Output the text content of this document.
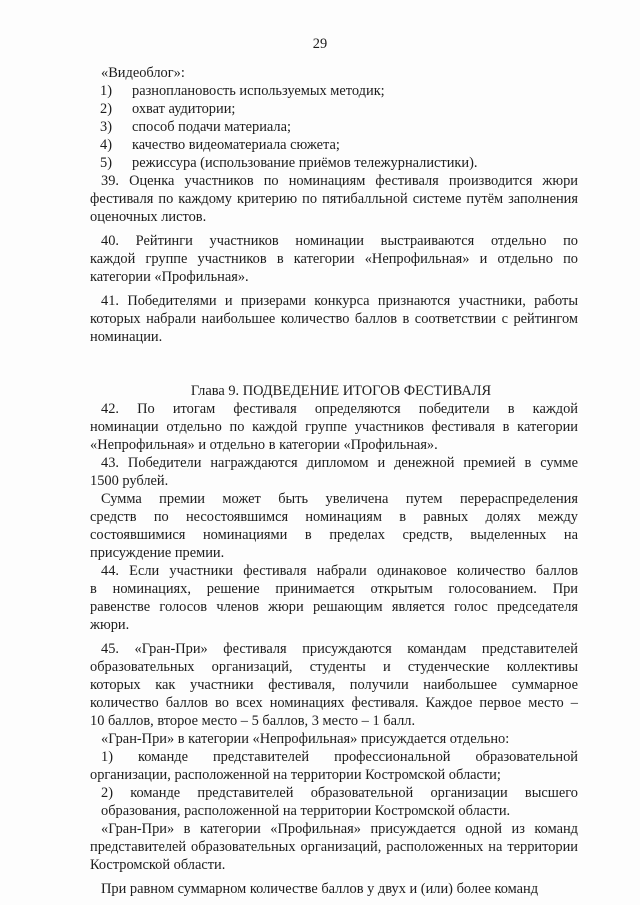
29

«Видеоблог»:

1)	разноплановость используемых методик;
2)	охват аудитории;
3)	способ подачи материала;
4)	качество видеоматериала сюжета;
5)	режиссура (использование приёмов тележурналистики).

39. Оценка участников по номинациям фестиваля производится жюри

фестиваля по каждому критерию по пятибалльной системе путём заполнения

оценочных листов.

40. Рейтинги участников номинации выстраиваются отдельно по

каждой группе участников в категории «Непрофильная» и отдельно по

категории «Профильная».

41. Победителями и призерами конкурса признаются участники, работы

которых набрали наибольшее количество баллов в соответствии с рейтингом

номинации.

Глава 9. ПОДВЕДЕНИЕ ИТОГОВ ФЕСТИВАЛЯ

42. По итогам фестиваля определяются победители в каждой

номинации отдельно по каждой группе участников фестиваля в категории

«Непрофильная» и отдельно в категории «Профильная».

43. Победители награждаются дипломом и денежной премией в сумме

1500 рублей.

Сумма премии может быть увеличена путем перераспределения

средств по несостоявшимся номинациям в равных долях между

состоявшимися номинациями в пределах средств, выделенных на

присуждение премии.

44. Если участники фестиваля набрали одинаковое количество баллов

в номинациях, решение принимается открытым голосованием. При

равенстве голосов членов жюри решающим является голос председателя

жюри.

45. «Гран-При» фестиваля присуждаются командам представителей

образовательных организаций, студенты и студенческие коллективы

которых как участники фестиваля, получили наибольшее суммарное

количество баллов во всех номинациях фестиваля. Каждое первое место –

10 баллов, второе место – 5 баллов, 3 место – 1 балл.

«Гран-При» в категории «Непрофильная» присуждается отдельно:

1) команде представителей профессиональной образовательной

организации, расположенной на территории Костромской области;

2) команде представителей образовательной организации высшего

образования, расположенной на территории Костромской области.

«Гран-При» в категории «Профильная» присуждается одной из команд

представителей образовательных организаций, расположенных на территории

Костромской области.

При равном суммарном количестве баллов у двух и (или) более команд
